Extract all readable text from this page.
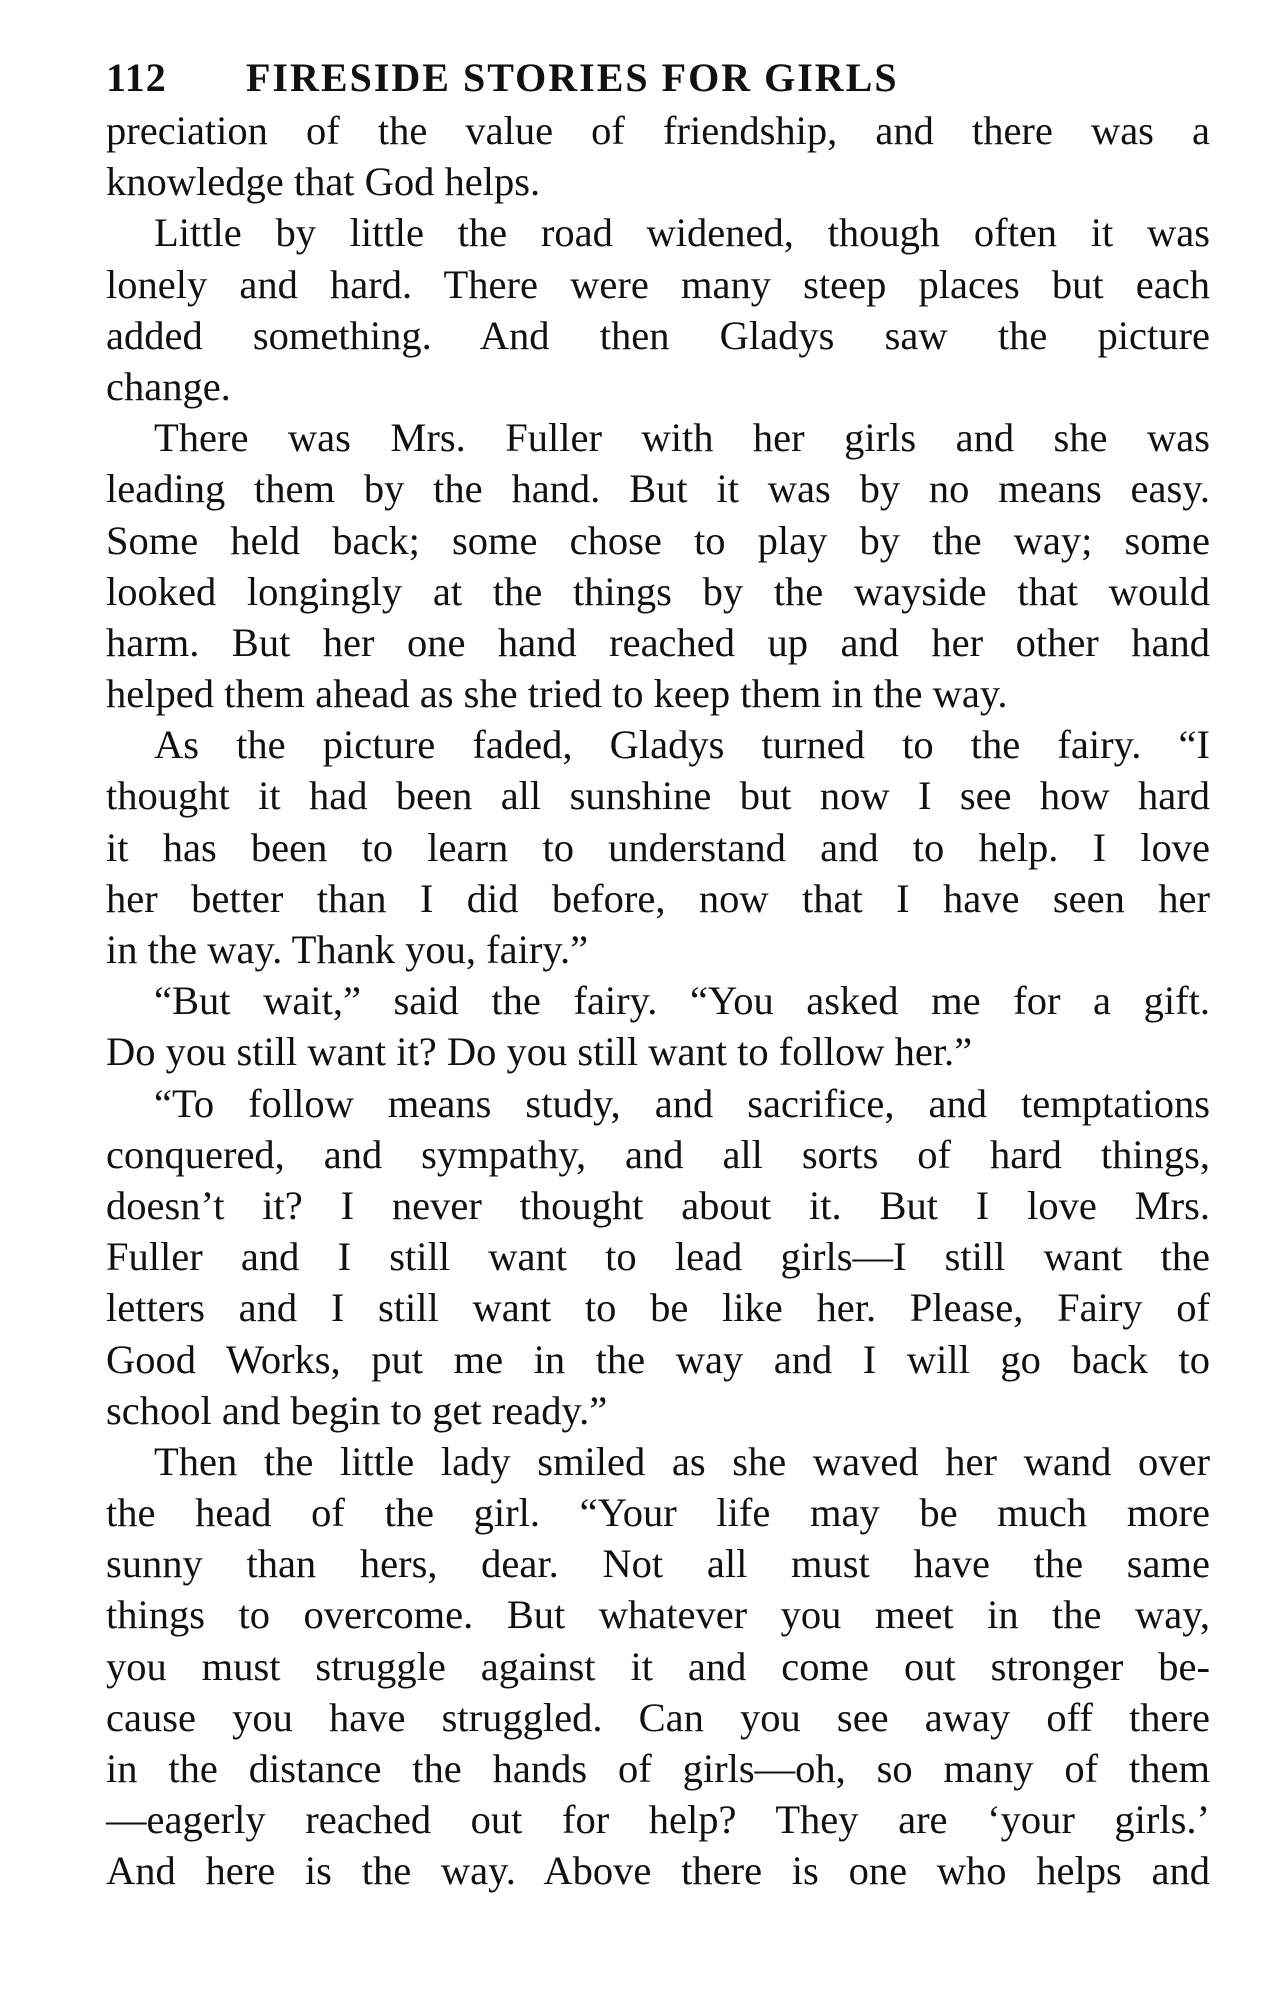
112 FIRESIDE STORIES FOR GIRLS
preciation of the value of friendship, and there was a
knowledge that God helps.
Little by little the road widened, though often it was
lonely and hard. There were many steep places but each
added something. And then Gladys saw the picture
change.
There was Mrs. Fuller with her girls and she was
leading them by the hand. But it was by no means easy.
Some held back; some chose to play by the way; some
looked longingly at the things by the wayside that would
harm. But her one hand reached up and her other hand
helped them ahead as she tried to keep them in the way.
As the picture faded, Gladys turned to the fairy. “I
thought it had been all sunshine but now I see how hard
it has been to learn to understand and to help. I love
her better than I did before, now that I have seen her
in the way. Thank you, fairy.”
“But wait,” said the fairy. “You asked me for a gift.
Do you still want it? Do you still want to follow her.”
“To follow means study, and sacrifice, and temptations
conquered, and sympathy, and all sorts of hard things,
doesn’t it? I never thought about it. But I love Mrs.
Fuller and I still want to lead girls—I still want the
letters and I still want to be like her. Please, Fairy of
Good Works, put me in the way and I will go back to
school and begin to get ready.”
Then the little lady smiled as she waved her wand over
the head of the girl. “Your life may be much more
sunny than hers, dear. Not all must have the same
things to overcome. But whatever you meet in the way,
you must struggle against it and come out stronger be-
cause you have struggled. Can you see away off there
in the distance the hands of girls—oh, so many of them
—eagerly reached out for help? They are ‘your girls.’
And here is the way. Above there is one who helps and
